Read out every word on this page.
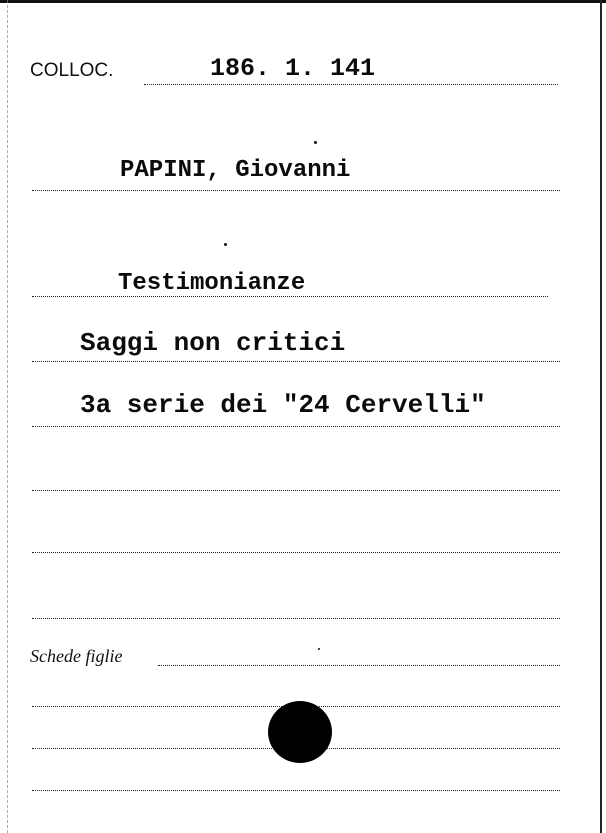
COLLOC.	186. 1. 141
PAPINI, Giovanni
Testimonianze
Saggi non critici
3a serie dei "24 Cervelli"
Schede figlie
